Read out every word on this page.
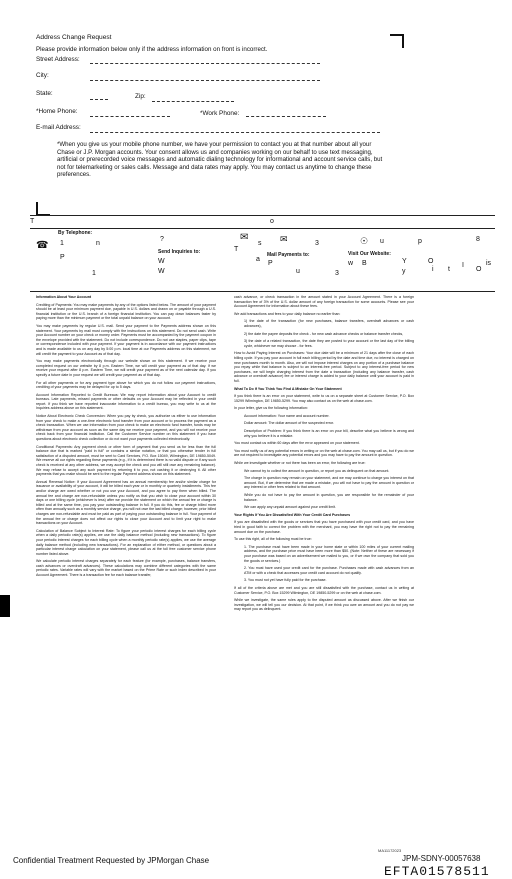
Address Change Request
Please provide information below only if the address information on front is incorrect.
Street Address:
City:
State:	Zip:
*Home Phone:	*Work Phone:
E-mail Address:
*When you give us your mobile phone number, we have your permission to contact you at that number about all your Chase or J.P. Morgan accounts. Your consent allows us and companies working on our behalf to use text messaging, artificial or prerecorded voice messages and automatic dialing technology for informational and account service calls, but not for telemarketing or sales calls. Message and data rates may apply. You may contact us anytime to change these preferences.
T	o
By Telephone:
Send Inquiries to:	Mail Payments to:	Visit Our Website:
☎
✉	✉	☉
1	n
?
T
s	3	u	p	8
P
W	a
P	w B	Y	O
1	W	u	3	y	i t
I
O
is

Information About Your Account

Crediting of Payments: You may make payments by any of the options listed below. The amount of your payment should be at least your minimum payment due, payable in U.S. dollars and drawn on or payable through a U.S. financial institution or the U.S. branch of a foreign financial institution. You can pay down balances faster by paying more than the minimum payment or the total unpaid balance on your account.

You may make payments by regular U.S. mail. Send your payment to the Payments address shown on this statement. Your payments by mail must comply with the instructions on this statement. Do not send cash. Write your Account number on your check or money order. Payments must be accompanied by the payment coupon in the envelope provided with the statement. Do not include correspondence. Do not use staples, paper clips, tape or correspondence included with your payment. If your payment is in accordance with our payment instructions and is made available to us on any day by 5:00 p.m. local time at our Payments address on this statement, we will credit the payment to your Account as of that day.

You may make payments electronically through our website shown on this statement. If we receive your completed request on our website by 8 p.m. Eastern Time, we will credit your payment as of that day. If we receive your request after 8 p.m. Eastern Time, we will credit your payment as of the next calendar day. If you specify a future date in your request we will credit your payment as of that day.

For all other payments or for any payment type above for which you do not follow our payment instructions, crediting of your payments may be delayed for up to 5 days.

Account Information Reported to Credit Bureaus: We may report information about your Account to credit bureaus. Late payments, missed payments or other defaults on your Account may be reflected in your credit report. If you think we have reported inaccurate information to a credit bureau, you may write to us at the Inquiries address above on this statement.

Notice About Electronic Check Conversion: When you pay by check, you authorize us either to use information from your check to make a one-time electronic fund transfer from your account or to process the payment as a check transaction. When we use information from your check to make an electronic fund transfer, funds may be withdrawn from your account as soon as the same day we receive your payment, and you will not receive your check back from your financial institution. Call the Customer Service number on this statement if you have questions about electronic check collection or do not want your payments collected electronically.

Conditional Payments: Any payment check or other form of payment that you send us for less than the full balance due that is marked "paid in full" or contains a similar notation, or that you otherwise tender in full satisfaction of a disputed amount, must be sent to Card Services, P.O. Box 15049, Wilmington, DE 19850-5049. We reserve all our rights regarding these payments (e.g., if it is determined there is no valid dispute or if any such check is received at any other address, we may accept the check and you will still owe any remaining balance). We may refuse to accept any such payment by returning it to you, not cashing it or destroying it. All other payments that you make should be sent to the regular Payment address shown on this statement.

Annual Renewal Notice: If your Account Agreement has an annual membership fee and/or similar charge for issuance or availability of your account, it will be billed each year or in monthly or quarterly installments. This fee and/or charge are owed whether or not you use your Account, and you agree to pay them when billed. The annual fee and charge are non-refundable unless you notify us that you wish to close your account within 30 days or one billing cycle (whichever is less) after we provide the statement on which the annual fee or charge is billed and at the same time, you pay your outstanding balance in full. If you do this, fee or charge billed more often than annually such as a monthly service charge, you will not owe the last billed charge; however, prior billed charges are non-refundable and must be paid as part of paying your outstanding balance in full. Your payment of the annual fee or charge does not affect our rights to close your Account and to limit your right to make transactions on your Account.

Calculation of Balance Subject to Interest Rate: To figure your periodic interest charges for each billing cycle when a daily periodic rate(s) applies, we use the daily balance method (including new transactions). To figure your periodic interest charges for each billing cycle when a monthly periodic rate(s) applies, we use the average daily balance method (including new transactions). For an explanation of either method, or questions about a particular interest charge calculation on your statement, please call us at the toll free customer service phone number listed above.

We calculate periodic interest charges separately for each feature (for example, purchases, balance transfers, cash advances or overdraft advances). These calculations may combine different categories with the same periodic rates. Variable rates will vary with the market based on the Prime Rate or such index described in your Account Agreement. There is a transaction fee for each balance transfer,

cash advance, or check transaction in the amount stated in your Account Agreement. There is a foreign transaction fee of 3% of the U.S. dollar amount of any foreign transaction for some accounts. Please see your Account Agreement for information about these fees.

We add transactions and fees to your daily balance no earlier than:

1) the date of the transaction (for new purchases, balance transfers, overdraft advances or cash advances),

2) the date the payee deposits the check - for new cash advance checks or balance transfer checks,

3) the date of a related transaction, the date they are posted to your account or the last day of the billing cycle, whichever we may choose - for fees.

How to Avoid Paying Interest on Purchases: Your due date will be a minimum of 21 days after the close of each billing cycle. If you pay your account in full each billing period by the date and time due, no interest is charged on new purchases month to month. Also, we will not impose interest charges on any portion of a purchase balance you repay while that balance is subject to an interest-free period. Subject to any interest-free period for new purchases, we will begin charging interest from the date a transaction (including any balance transfer, cash advance or overdraft advance) fee or interest charge is added to your daily balance until your account is paid in full.

What To Do If You Think You Find A Mistake On Your Statement

If you think there is an error on your statement, write to us on a separate sheet at Customer Service, P.O. Box 15299 Wilmington, DE 19850-5299. You may also contact us on the web at chase.com.

In your letter, give us the following information:

Account information: Your name and account number.

Dollar amount: The dollar amount of the suspected error.

Description of Problem: If you think there is an error on your bill, describe what you believe is wrong and why you believe it is a mistake.

You must contact us within 60 days after the error appeared on your statement.

You must notify us of any potential errors in writing or on the web at chase.com. You may call us, but if you do we are not required to investigate any potential errors and you may have to pay the amount in question.

While we investigate whether or not there has been an error, the following are true:

We cannot try to collect the amount in question, or report you as delinquent on that amount.

The charge in question may remain on your statement, and we may continue to charge you interest on that amount. But, if we determine that we made a mistake, you will not have to pay the amount in question or any interest or other fees related to that amount.

While you do not have to pay the amount in question, you are responsible for the remainder of your balance.

We can apply any unpaid amount against your credit limit.

Your Rights If You Are Dissatisfied With Your Credit Card Purchases

If you are dissatisfied with the goods or services that you have purchased with your credit card, and you have tried in good faith to correct the problem with the merchant, you may have the right not to pay the remaining amount due on the purchase.

To use this right, all of the following must be true:

1. The purchase must have been made in your home state or within 100 miles of your current mailing address, and the purchase price must have been more than $50. (Note: Neither of these are necessary if your purchase was based on an advertisement we mailed to you, or if we own the company that sold you the goods or services.)

2. You must have used your credit card for the purchase. Purchases made with cash advances from an ATM or with a check that accesses your credit card account do not qualify.

3. You must not yet have fully paid for the purchase.

If all of the criteria above are met and you are still dissatisfied with the purchase, contact us in writing at Customer Service, P.O. Box 15299 Wilmington, DE 19850-5299 or on the web at chase.com.

While we investigate, the same rules apply to the disputed amount as discussed above. After we finish our investigation, we will tell you our decision. At that point, if we think you owe an amount and you do not pay we may report you as delinquent.

MA11172023
Confidential Treatment Requested by JPMorgan Chase	JPM-SDNY-00057638
EFTA01578511
